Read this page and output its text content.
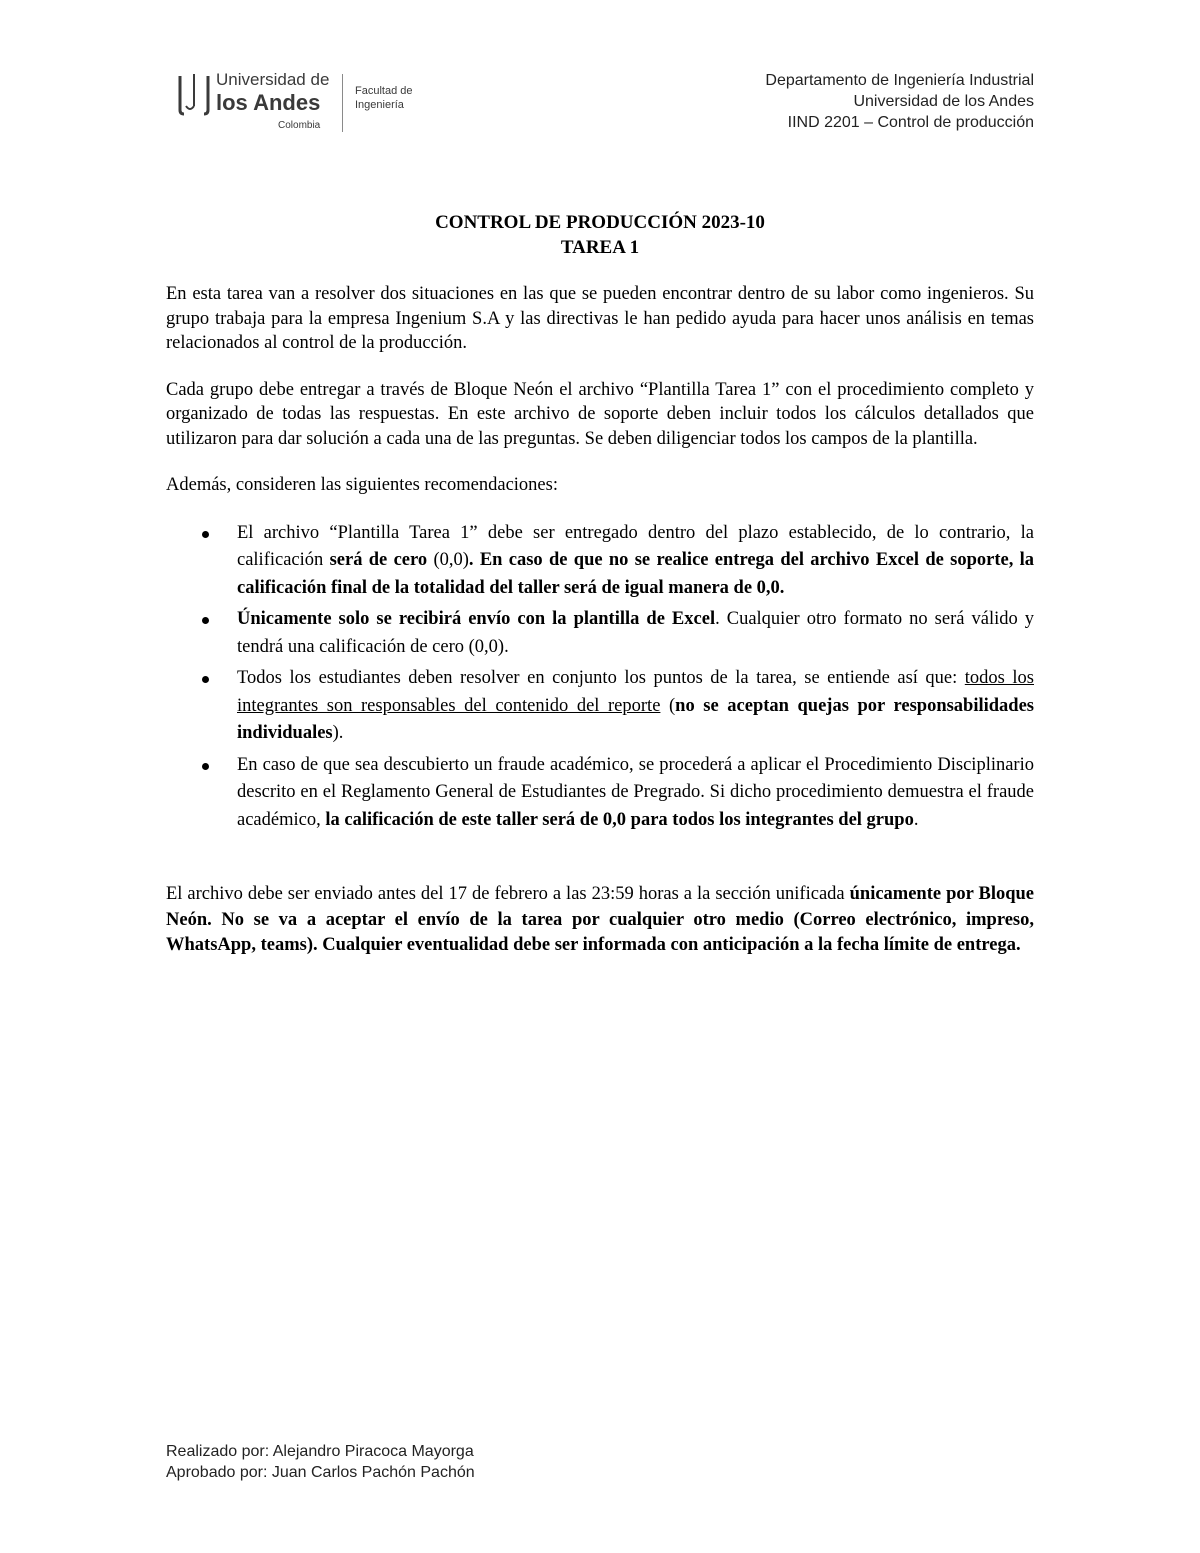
Universidad de
los Andes
Colombia
Facultad de
Ingeniería
Departamento de Ingeniería Industrial
Universidad de los Andes
IIND 2201 – Control de producción
CONTROL DE PRODUCCIÓN 2023-10
TAREA 1

En esta tarea van a resolver dos situaciones en las que se pueden encontrar dentro de su labor como ingenieros. Su grupo trabaja para la empresa Ingenium S.A y las directivas le han pedido ayuda para hacer unos análisis en temas relacionados al control de la producción.

Cada grupo debe entregar a través de Bloque Neón el archivo “Plantilla Tarea 1” con el procedimiento completo y organizado de todas las respuestas. En este archivo de soporte deben incluir todos los cálculos detallados que utilizaron para dar solución a cada una de las preguntas. Se deben diligenciar todos los campos de la plantilla.

Además, consideren las siguientes recomendaciones:

El archivo “Plantilla Tarea 1” debe ser entregado dentro del plazo establecido, de lo contrario, la calificación será de cero (0,0). En caso de que no se realice entrega del archivo Excel de soporte, la calificación final de la totalidad del taller será de igual manera de 0,0.
Únicamente solo se recibirá envío con la plantilla de Excel. Cualquier otro formato no será válido y tendrá una calificación de cero (0,0).
Todos los estudiantes deben resolver en conjunto los puntos de la tarea, se entiende así que: todos los integrantes son responsables del contenido del reporte (no se aceptan quejas por responsabilidades individuales).
En caso de que sea descubierto un fraude académico, se procederá a aplicar el Procedimiento Disciplinario descrito en el Reglamento General de Estudiantes de Pregrado. Si dicho procedimiento demuestra el fraude académico, la calificación de este taller será de 0,0 para todos los integrantes del grupo.

El archivo debe ser enviado antes del 17 de febrero a las 23:59 horas a la sección unificada únicamente por Bloque Neón. No se va a aceptar el envío de la tarea por cualquier otro medio (Correo electrónico, impreso, WhatsApp, teams). Cualquier eventualidad debe ser informada con anticipación a la fecha límite de entrega.

Realizado por: Alejandro Piracoca Mayorga
Aprobado por: Juan Carlos Pachón Pachón
